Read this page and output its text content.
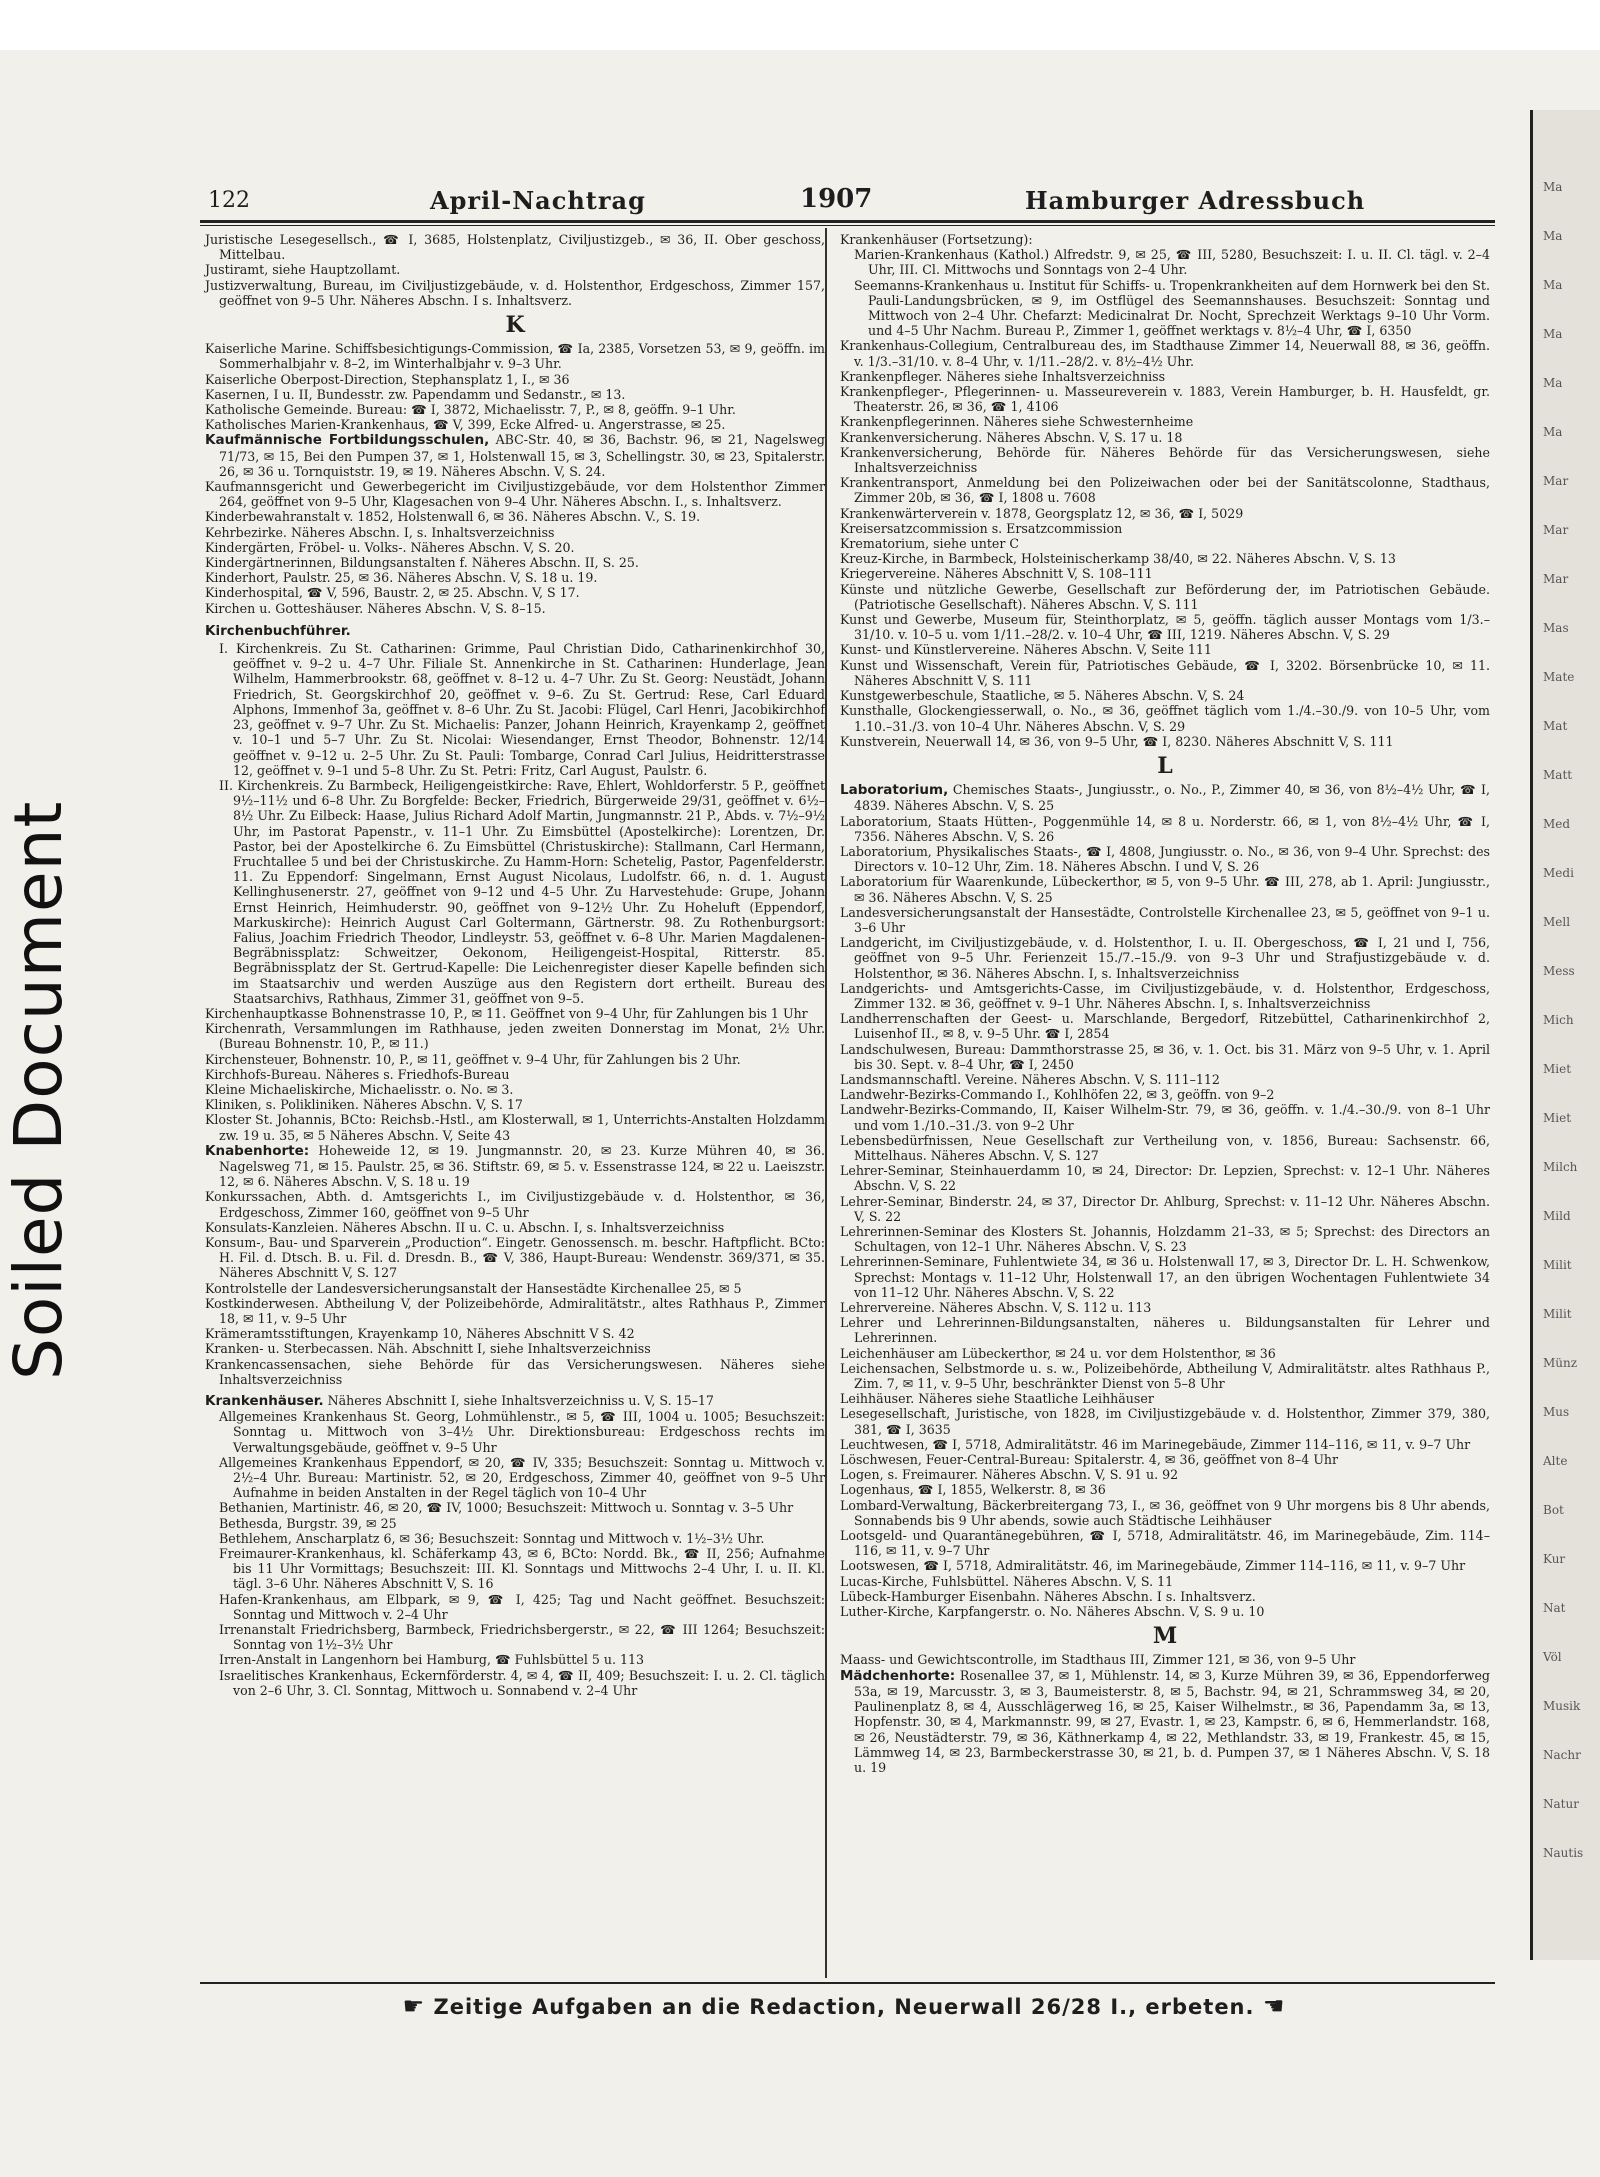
Soiled Document
Ma
Ma
Ma
Ma
Ma
Ma
Mar
Mar
Mar
Mas
Mate
Mat
Matt
Med
Medi
Mell
Mess
Mich
Miet
Miet
Milch
Mild
Milit
Milit
Münz
Mus
Alte
Bot
Kur
Nat
Völ
Musik
Nachr
Natur
Nautis
122	April-Nachtrag	1907	Hamburger Adressbuch

Juristische Lesegesellsch., ☎ I, 3685, Holstenplatz, Civiljustizgeb., ✉ 36, II. Ober geschoss, Mittelbau.

Justiramt, siehe Hauptzollamt.

Justizverwaltung, Bureau, im Civiljustizgebäude, v. d. Holstenthor, Erdgeschoss, Zimmer 157, geöffnet von 9–5 Uhr. Näheres Abschn. I s. Inhaltsverz.

K

Kaiserliche Marine. Schiffsbesichtigungs-Commission, ☎ Ia, 2385, Vorsetzen 53, ✉ 9, geöffn. im Sommerhalbjahr v. 8–2, im Winterhalbjahr v. 9–3 Uhr.

Kaiserliche Oberpost-Direction, Stephansplatz 1, I., ✉ 36

Kasernen, I u. II, Bundesstr. zw. Papendamm und Sedanstr., ✉ 13.

Katholische Gemeinde. Bureau: ☎ I, 3872, Michaelisstr. 7, P., ✉ 8, geöffn. 9–1 Uhr.

Katholisches Marien-Krankenhaus, ☎ V, 399, Ecke Alfred- u. Angerstrasse, ✉ 25.

Kaufmännische Fortbildungsschulen, ABC-Str. 40, ✉ 36, Bachstr. 96, ✉ 21, Nagelsweg 71/73, ✉ 15, Bei den Pumpen 37, ✉ 1, Holstenwall 15, ✉ 3, Schellingstr. 30, ✉ 23, Spitalerstr. 26, ✉ 36 u. Tornquiststr. 19, ✉ 19. Näheres Abschn. V, S. 24.

Kaufmannsgericht und Gewerbegericht im Civiljustizgebäude, vor dem Holstenthor Zimmer 264, geöffnet von 9–5 Uhr, Klagesachen von 9–4 Uhr. Näheres Abschn. I., s. Inhaltsverz.

Kinderbewahranstalt v. 1852, Holstenwall 6, ✉ 36. Näheres Abschn. V., S. 19.

Kehrbezirke. Näheres Abschn. I, s. Inhaltsverzeichniss

Kindergärten, Fröbel- u. Volks-. Näheres Abschn. V, S. 20.

Kindergärtnerinnen, Bildungsanstalten f. Näheres Abschn. II, S. 25.

Kinderhort, Paulstr. 25, ✉ 36. Näheres Abschn. V, S. 18 u. 19.

Kinderhospital, ☎ V, 596, Baustr. 2, ✉ 25. Abschn. V, S 17.

Kirchen u. Gotteshäuser. Näheres Abschn. V, S. 8–15.

Kirchenbuchführer.

I. Kirchenkreis. Zu St. Catharinen: Grimme, Paul Christian Dido, Catharinenkirchhof 30, geöffnet v. 9–2 u. 4–7 Uhr. Filiale St. Annenkirche in St. Catharinen: Hunderlage, Jean Wilhelm, Hammerbrookstr. 68, geöffnet v. 8–12 u. 4–7 Uhr. Zu St. Georg: Neustädt, Johann Friedrich, St. Georgskirchhof 20, geöffnet v. 9–6. Zu St. Gertrud: Rese, Carl Eduard Alphons, Immenhof 3a, geöffnet v. 8–6 Uhr. Zu St. Jacobi: Flügel, Carl Henri, Jacobikirchhof 23, geöffnet v. 9–7 Uhr. Zu St. Michaelis: Panzer, Johann Heinrich, Krayenkamp 2, geöffnet v. 10–1 und 5–7 Uhr. Zu St. Nicolai: Wiesendanger, Ernst Theodor, Bohnenstr. 12/14 geöffnet v. 9–12 u. 2–5 Uhr. Zu St. Pauli: Tombarge, Conrad Carl Julius, Heidritterstrasse 12, geöffnet v. 9–1 und 5–8 Uhr. Zu St. Petri: Fritz, Carl August, Paulstr. 6.

II. Kirchenkreis. Zu Barmbeck, Heiligengeistkirche: Rave, Ehlert, Wohldorferstr. 5 P., geöffnet 9½–11½ und 6–8 Uhr. Zu Borgfelde: Becker, Friedrich, Bürgerweide 29/31, geöffnet v. 6½–8½ Uhr. Zu Eilbeck: Haase, Julius Richard Adolf Martin, Jungmannstr. 21 P., Abds. v. 7½–9½ Uhr, im Pastorat Papenstr., v. 11–1 Uhr. Zu Eimsbüttel (Apostelkirche): Lorentzen, Dr. Pastor, bei der Apostelkirche 6. Zu Eimsbüttel (Christuskirche): Stallmann, Carl Hermann, Fruchtallee 5 und bei der Christuskirche. Zu Hamm-Horn: Schetelig, Pastor, Pagenfelderstr. 11. Zu Eppendorf: Singelmann, Ernst August Nicolaus, Ludolfstr. 66, n. d. 1. August Kellinghusenerstr. 27, geöffnet von 9–12 und 4–5 Uhr. Zu Harvestehude: Grupe, Johann Ernst Heinrich, Heimhuderstr. 90, geöffnet von 9–12½ Uhr. Zu Hoheluft (Eppendorf, Markuskirche): Heinrich August Carl Goltermann, Gärtnerstr. 98. Zu Rothenburgsort: Falius, Joachim Friedrich Theodor, Lindleystr. 53, geöffnet v. 6–8 Uhr. Marien Magdalenen-Begräbnissplatz: Schweitzer, Oekonom, Heiligengeist-Hospital, Ritterstr. 85. Begräbnissplatz der St. Gertrud-Kapelle: Die Leichenregister dieser Kapelle befinden sich im Staatsarchiv und werden Auszüge aus den Registern dort ertheilt. Bureau des Staatsarchivs, Rathhaus, Zimmer 31, geöffnet von 9–5.

Kirchenhauptkasse Bohnenstrasse 10, P., ✉ 11. Geöffnet von 9–4 Uhr, für Zahlungen bis 1 Uhr

Kirchenrath, Versammlungen im Rathhause, jeden zweiten Donnerstag im Monat, 2½ Uhr. (Bureau Bohnenstr. 10, P., ✉ 11.)

Kirchensteuer, Bohnenstr. 10, P., ✉ 11, geöffnet v. 9–4 Uhr, für Zahlungen bis 2 Uhr.

Kirchhofs-Bureau. Näheres s. Friedhofs-Bureau

Kleine Michaeliskirche, Michaelisstr. o. No. ✉ 3.

Kliniken, s. Polikliniken. Näheres Abschn. V, S. 17

Kloster St. Johannis, BCto: Reichsb.-Hstl., am Klosterwall, ✉ 1, Unterrichts-Anstalten Holzdamm zw. 19 u. 35, ✉ 5 Näheres Abschn. V, Seite 43

Knabenhorte: Hoheweide 12, ✉ 19. Jungmannstr. 20, ✉ 23. Kurze Mühren 40, ✉ 36. Nagelsweg 71, ✉ 15. Paulstr. 25, ✉ 36. Stiftstr. 69, ✉ 5. v. Essenstrasse 124, ✉ 22 u. Laeiszstr. 12, ✉ 6. Näheres Abschn. V, S. 18 u. 19

Konkurssachen, Abth. d. Amtsgerichts I., im Civiljustizgebäude v. d. Holstenthor, ✉ 36, Erdgeschoss, Zimmer 160, geöffnet von 9–5 Uhr

Konsulats-Kanzleien. Näheres Abschn. II u. C. u. Abschn. I, s. Inhaltsverzeichniss

Konsum-, Bau- und Sparverein „Production“. Eingetr. Genossensch. m. beschr. Haftpflicht. BCto: H. Fil. d. Dtsch. B. u. Fil. d. Dresdn. B., ☎ V, 386, Haupt-Bureau: Wendenstr. 369/371, ✉ 35. Näheres Abschnitt V, S. 127

Kontrolstelle der Landesversicherungsanstalt der Hansestädte Kirchenallee 25, ✉ 5

Kostkinderwesen. Abtheilung V, der Polizeibehörde, Admiralitätstr., altes Rathhaus P., Zimmer 18, ✉ 11, v. 9–5 Uhr

Krämeramtsstiftungen, Krayenkamp 10, Näheres Abschnitt V S. 42

Kranken- u. Sterbecassen. Näh. Abschnitt I, siehe Inhaltsverzeichniss

Krankencassensachen, siehe Behörde für das Versicherungswesen. Näheres siehe Inhaltsverzeichniss

Krankenhäuser. Näheres Abschnitt I, siehe Inhaltsverzeichniss u. V, S. 15–17

Allgemeines Krankenhaus St. Georg, Lohmühlenstr., ✉ 5, ☎ III, 1004 u. 1005; Besuchszeit: Sonntag u. Mittwoch von 3–4½ Uhr. Direktionsbureau: Erdgeschoss rechts im Verwaltungsgebäude, geöffnet v. 9–5 Uhr

Allgemeines Krankenhaus Eppendorf, ✉ 20, ☎ IV, 335; Besuchszeit: Sonntag u. Mittwoch v. 2½–4 Uhr. Bureau: Martinistr. 52, ✉ 20, Erdgeschoss, Zimmer 40, geöffnet von 9–5 Uhr Aufnahme in beiden Anstalten in der Regel täglich von 10–4 Uhr

Bethanien, Martinistr. 46, ✉ 20, ☎ IV, 1000; Besuchszeit: Mittwoch u. Sonntag v. 3–5 Uhr

Bethesda, Burgstr. 39, ✉ 25

Bethlehem, Anscharplatz 6, ✉ 36; Besuchszeit: Sonntag und Mittwoch v. 1½–3½ Uhr.

Freimaurer-Krankenhaus, kl. Schäferkamp 43, ✉ 6, BCto: Nordd. Bk., ☎ II, 256; Aufnahme bis 11 Uhr Vormittags; Besuchszeit: III. Kl. Sonntags und Mittwochs 2–4 Uhr, I. u. II. Kl. tägl. 3–6 Uhr. Näheres Abschnitt V, S. 16

Hafen-Krankenhaus, am Elbpark, ✉ 9, ☎ I, 425; Tag und Nacht geöffnet. Besuchszeit: Sonntag und Mittwoch v. 2–4 Uhr

Irrenanstalt Friedrichsberg, Barmbeck, Friedrichsbergerstr., ✉ 22, ☎ III 1264; Besuchszeit: Sonntag von 1½–3½ Uhr

Irren-Anstalt in Langenhorn bei Hamburg, ☎ Fuhlsbüttel 5 u. 113

Israelitisches Krankenhaus, Eckernförderstr. 4, ✉ 4, ☎ II, 409; Besuchszeit: I. u. 2. Cl. täglich von 2–6 Uhr, 3. Cl. Sonntag, Mittwoch u. Sonnabend v. 2–4 Uhr

Krankenhäuser (Fortsetzung):

Marien-Krankenhaus (Kathol.) Alfredstr. 9, ✉ 25, ☎ III, 5280, Besuchszeit: I. u. II. Cl. tägl. v. 2–4 Uhr, III. Cl. Mittwochs und Sonntags von 2–4 Uhr.

Seemanns-Krankenhaus u. Institut für Schiffs- u. Tropenkrankheiten auf dem Hornwerk bei den St. Pauli-Landungsbrücken, ✉ 9, im Ostflügel des Seemannshauses. Besuchszeit: Sonntag und Mittwoch von 2–4 Uhr. Chefarzt: Medicinalrat Dr. Nocht, Sprechzeit Werktags 9–10 Uhr Vorm. und 4–5 Uhr Nachm. Bureau P., Zimmer 1, geöffnet werktags v. 8½–4 Uhr, ☎ I, 6350

Krankenhaus-Collegium, Centralbureau des, im Stadthause Zimmer 14, Neuerwall 88, ✉ 36, geöffn. v. 1/3.–31/10. v. 8–4 Uhr, v. 1/11.–28/2. v. 8½–4½ Uhr.

Krankenpfleger. Näheres siehe Inhaltsverzeichniss

Krankenpfleger-, Pflegerinnen- u. Masseureverein v. 1883, Verein Hamburger, b. H. Hausfeldt, gr. Theaterstr. 26, ✉ 36, ☎ 1, 4106

Krankenpflegerinnen. Näheres siehe Schwesternheime

Krankenversicherung. Näheres Abschn. V, S. 17 u. 18

Krankenversicherung, Behörde für. Näheres Behörde für das Versicherungswesen, siehe Inhaltsverzeichniss

Krankentransport, Anmeldung bei den Polizeiwachen oder bei der Sanitätscolonne, Stadthaus, Zimmer 20b, ✉ 36, ☎ I, 1808 u. 7608

Krankenwärterverein v. 1878, Georgsplatz 12, ✉ 36, ☎ I, 5029

Kreisersatzcommission s. Ersatzcommission

Krematorium, siehe unter C

Kreuz-Kirche, in Barmbeck, Holsteinischerkamp 38/40, ✉ 22. Näheres Abschn. V, S. 13

Kriegervereine. Näheres Abschnitt V, S. 108–111

Künste und nützliche Gewerbe, Gesellschaft zur Beförderung der, im Patriotischen Gebäude. (Patriotische Gesellschaft). Näheres Abschn. V, S. 111

Kunst und Gewerbe, Museum für, Steinthorplatz, ✉ 5, geöffn. täglich ausser Montags vom 1/3.–31/10. v. 10–5 u. vom 1/11.–28/2. v. 10–4 Uhr, ☎ III, 1219. Näheres Abschn. V, S. 29

Kunst- und Künstlervereine. Näheres Abschn. V, Seite 111

Kunst und Wissenschaft, Verein für, Patriotisches Gebäude, ☎ I, 3202. Börsenbrücke 10, ✉ 11. Näheres Abschnitt V, S. 111

Kunstgewerbeschule, Staatliche, ✉ 5. Näheres Abschn. V, S. 24

Kunsthalle, Glockengiesserwall, o. No., ✉ 36, geöffnet täglich vom 1./4.–30./9. von 10–5 Uhr, vom 1.10.–31./3. von 10–4 Uhr. Näheres Abschn. V, S. 29

Kunstverein, Neuerwall 14, ✉ 36, von 9–5 Uhr, ☎ I, 8230. Näheres Abschnitt V, S. 111

L

Laboratorium, Chemisches Staats-, Jungiusstr., o. No., P., Zimmer 40, ✉ 36, von 8½–4½ Uhr, ☎ I, 4839. Näheres Abschn. V, S. 25

Laboratorium, Staats Hütten-, Poggenmühle 14, ✉ 8 u. Norderstr. 66, ✉ 1, von 8½–4½ Uhr, ☎ I, 7356. Näheres Abschn. V, S. 26

Laboratorium, Physikalisches Staats-, ☎ I, 4808, Jungiusstr. o. No., ✉ 36, von 9–4 Uhr. Sprechst: des Directors v. 10–12 Uhr, Zim. 18. Näheres Abschn. I und V, S. 26

Laboratorium für Waarenkunde, Lübeckerthor, ✉ 5, von 9–5 Uhr. ☎ III, 278, ab 1. April: Jungiusstr., ✉ 36. Näheres Abschn. V, S. 25

Landesversicherungsanstalt der Hansestädte, Controlstelle Kirchenallee 23, ✉ 5, geöffnet von 9–1 u. 3–6 Uhr

Landgericht, im Civiljustizgebäude, v. d. Holstenthor, I. u. II. Obergeschoss, ☎ I, 21 und I, 756, geöffnet von 9–5 Uhr. Ferienzeit 15./7.–15./9. von 9–3 Uhr und Strafjustizgebäude v. d. Holstenthor, ✉ 36. Näheres Abschn. I, s. Inhaltsverzeichniss

Landgerichts- und Amtsgerichts-Casse, im Civiljustizgebäude, v. d. Holstenthor, Erdgeschoss, Zimmer 132. ✉ 36, geöffnet v. 9–1 Uhr. Näheres Abschn. I, s. Inhaltsverzeichniss

Landherrenschaften der Geest- u. Marschlande, Bergedorf, Ritzebüttel, Catharinenkirchhof 2, Luisenhof II., ✉ 8, v. 9–5 Uhr. ☎ I, 2854

Landschulwesen, Bureau: Dammthorstrasse 25, ✉ 36, v. 1. Oct. bis 31. März von 9–5 Uhr, v. 1. April bis 30. Sept. v. 8–4 Uhr, ☎ I, 2450

Landsmannschaftl. Vereine. Näheres Abschn. V, S. 111–112

Landwehr-Bezirks-Commando I., Kohlhöfen 22, ✉ 3, geöffn. von 9–2

Landwehr-Bezirks-Commando, II, Kaiser Wilhelm-Str. 79, ✉ 36, geöffn. v. 1./4.–30./9. von 8–1 Uhr und vom 1./10.–31./3. von 9–2 Uhr

Lebensbedürfnissen, Neue Gesellschaft zur Vertheilung von, v. 1856, Bureau: Sachsenstr. 66, Mittelhaus. Näheres Abschn. V, S. 127

Lehrer-Seminar, Steinhauerdamm 10, ✉ 24, Director: Dr. Lepzien, Sprechst: v. 12–1 Uhr. Näheres Abschn. V, S. 22

Lehrer-Seminar, Binderstr. 24, ✉ 37, Director Dr. Ahlburg, Sprechst: v. 11–12 Uhr. Näheres Abschn. V, S. 22

Lehrerinnen-Seminar des Klosters St. Johannis, Holzdamm 21–33, ✉ 5; Sprechst: des Directors an Schultagen, von 12–1 Uhr. Näheres Abschn. V, S. 23

Lehrerinnen-Seminare, Fuhlentwiete 34, ✉ 36 u. Holstenwall 17, ✉ 3, Director Dr. L. H. Schwenkow, Sprechst: Montags v. 11–12 Uhr, Holstenwall 17, an den übrigen Wochentagen Fuhlentwiete 34 von 11–12 Uhr. Näheres Abschn. V, S. 22

Lehrervereine. Näheres Abschn. V, S. 112 u. 113

Lehrer und Lehrerinnen-Bildungsanstalten, näheres u. Bildungsanstalten für Lehrer und Lehrerinnen.

Leichenhäuser am Lübeckerthor, ✉ 24 u. vor dem Holstenthor, ✉ 36

Leichensachen, Selbstmorde u. s. w., Polizeibehörde, Abtheilung V, Admiralitätstr. altes Rathhaus P., Zim. 7, ✉ 11, v. 9–5 Uhr, beschränkter Dienst von 5–8 Uhr

Leihhäuser. Näheres siehe Staatliche Leihhäuser

Lesegesellschaft, Juristische, von 1828, im Civiljustizgebäude v. d. Holstenthor, Zimmer 379, 380, 381, ☎ I, 3635

Leuchtwesen, ☎ I, 5718, Admiralitätstr. 46 im Marinegebäude, Zimmer 114–116, ✉ 11, v. 9–7 Uhr

Löschwesen, Feuer-Central-Bureau: Spitalerstr. 4, ✉ 36, geöffnet von 8–4 Uhr

Logen, s. Freimaurer. Näheres Abschn. V, S. 91 u. 92

Logenhaus, ☎ I, 1855, Welkerstr. 8, ✉ 36

Lombard-Verwaltung, Bäckerbreitergang 73, I., ✉ 36, geöffnet von 9 Uhr morgens bis 8 Uhr abends, Sonnabends bis 9 Uhr abends, sowie auch Städtische Leihhäuser

Lootsgeld- und Quarantänegebühren, ☎ I, 5718, Admiralitätstr. 46, im Marinegebäude, Zim. 114–116, ✉ 11, v. 9–7 Uhr

Lootswesen, ☎ I, 5718, Admiralitätstr. 46, im Marinegebäude, Zimmer 114–116, ✉ 11, v. 9–7 Uhr

Lucas-Kirche, Fuhlsbüttel. Näheres Abschn. V, S. 11

Lübeck-Hamburger Eisenbahn. Näheres Abschn. I s. Inhaltsverz.

Luther-Kirche, Karpfangerstr. o. No. Näheres Abschn. V, S. 9 u. 10

M

Maass- und Gewichtscontrolle, im Stadthaus III, Zimmer 121, ✉ 36, von 9–5 Uhr

Mädchenhorte: Rosenallee 37, ✉ 1, Mühlenstr. 14, ✉ 3, Kurze Mühren 39, ✉ 36, Eppendorferweg 53a, ✉ 19, Marcusstr. 3, ✉ 3, Baumeisterstr. 8, ✉ 5, Bachstr. 94, ✉ 21, Schrammsweg 34, ✉ 20, Paulinenplatz 8, ✉ 4, Ausschlägerweg 16, ✉ 25, Kaiser Wilhelmstr., ✉ 36, Papendamm 3a, ✉ 13, Hopfenstr. 30, ✉ 4, Markmannstr. 99, ✉ 27, Evastr. 1, ✉ 23, Kampstr. 6, ✉ 6, Hemmerlandstr. 168, ✉ 26, Neustädterstr. 79, ✉ 36, Käthnerkamp 4, ✉ 22, Methlandstr. 33, ✉ 19, Frankestr. 45, ✉ 15, Lämmweg 14, ✉ 23, Barmbeckerstrasse 30, ✉ 21, b. d. Pumpen 37, ✉ 1 Näheres Abschn. V, S. 18 u. 19

☛ Zeitige Aufgaben an die Redaction, Neuerwall 26/28 I., erbeten. ☚
